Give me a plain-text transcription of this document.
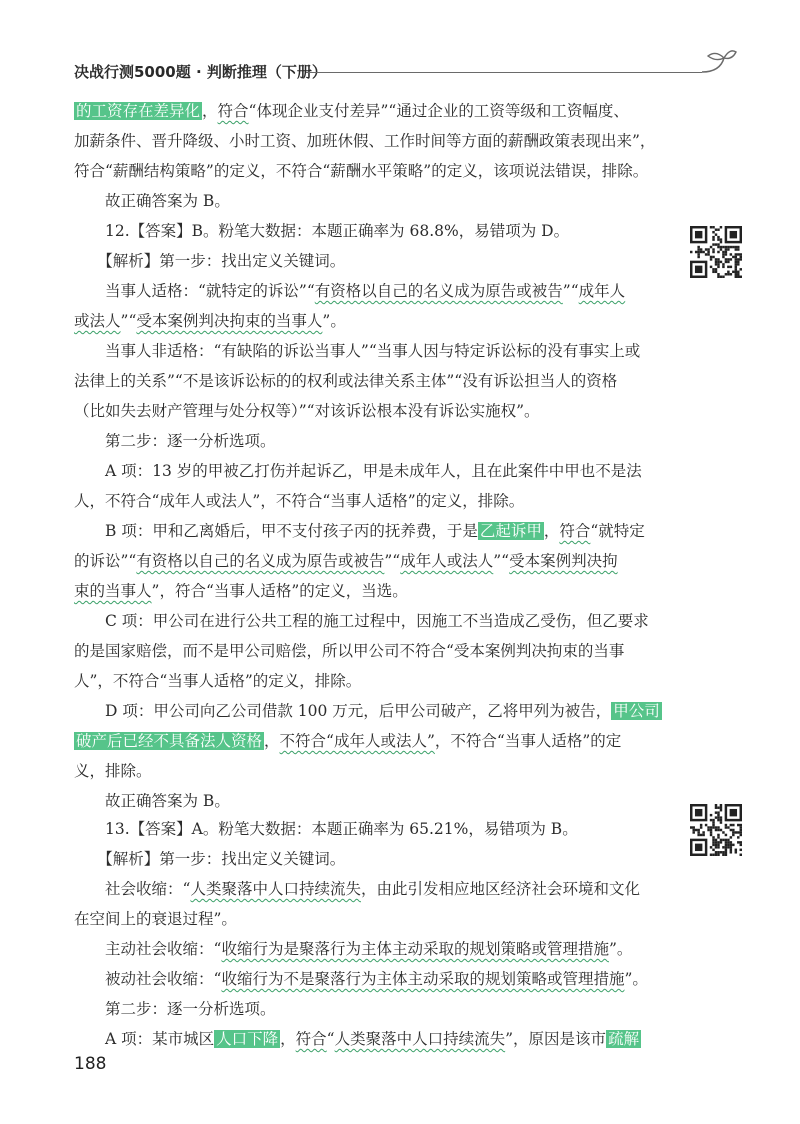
决战行测5000题 · 判断推理（下册）
的工资存在差异化 ，符合“体现企业支付差异”“通过企业的工资等级和工资幅度、
加薪条件、晋升降级、小时工资、加班休假、工作时间等方面的薪酬政策表现出来”，
符合“薪酬结构策略”的定义，不符合“薪酬水平策略”的定义，该项说法错误，排除。
　　故正确答案为 B。
　　12.【答案】B。粉笔大数据：本题正确率为 68.8%，易错项为 D。
　　【解析】第一步：找出定义关键词。
　　当事人适格：“就特定的诉讼”“有资格以自己的名义成为原告或被告”“成年人
或法人”“受本案例判决拘束的当事人”。
　　当事人非适格：“有缺陷的诉讼当事人”“当事人因与特定诉讼标的没有事实上或
法律上的关系”“不是该诉讼标的的权利或法律关系主体”“没有诉讼担当人的资格
（比如失去财产管理与处分权等）”“对该诉讼根本没有诉讼实施权”。
　　第二步：逐一分析选项。
　　A 项：13 岁的甲被乙打伤并起诉乙，甲是未成年人，且在此案件中甲也不是法
人，不符合“成年人或法人”，不符合“当事人适格”的定义，排除。
　　B 项：甲和乙离婚后，甲不支付孩子丙的抚养费，于是 乙起诉甲 ，符合“就特定
的诉讼”“有资格以自己的名义成为原告或被告”“成年人或法人”“受本案例判决拘
束的当事人”，符合“当事人适格”的定义，当选。
　　C 项：甲公司在进行公共工程的施工过程中，因施工不当造成乙受伤，但乙要求
的是国家赔偿，而不是甲公司赔偿，所以甲公司不符合“受本案例判决拘束的当事
人”，不符合“当事人适格”的定义，排除。
　　D 项：甲公司向乙公司借款 100 万元，后甲公司破产，乙将甲列为被告， 甲公司
破产后已经不具备法人资格 ，不符合“成年人或法人”，不符合“当事人适格”的定
义，排除。
　　故正确答案为 B。
　　13.【答案】A。粉笔大数据：本题正确率为 65.21%，易错项为 B。
　　【解析】第一步：找出定义关键词。
　　社会收缩：“人类聚落中人口持续流失，由此引发相应地区经济社会环境和文化
在空间上的衰退过程”。
　　主动社会收缩：“收缩行为是聚落行为主体主动采取的规划策略或管理措施”。
　　被动社会收缩：“收缩行为不是聚落行为主体主动采取的规划策略或管理措施”。
　　第二步：逐一分析选项。
　　A 项：某市城区 人口下降 ，符合“人类聚落中人口持续流失”，原因是该市 疏解
188
